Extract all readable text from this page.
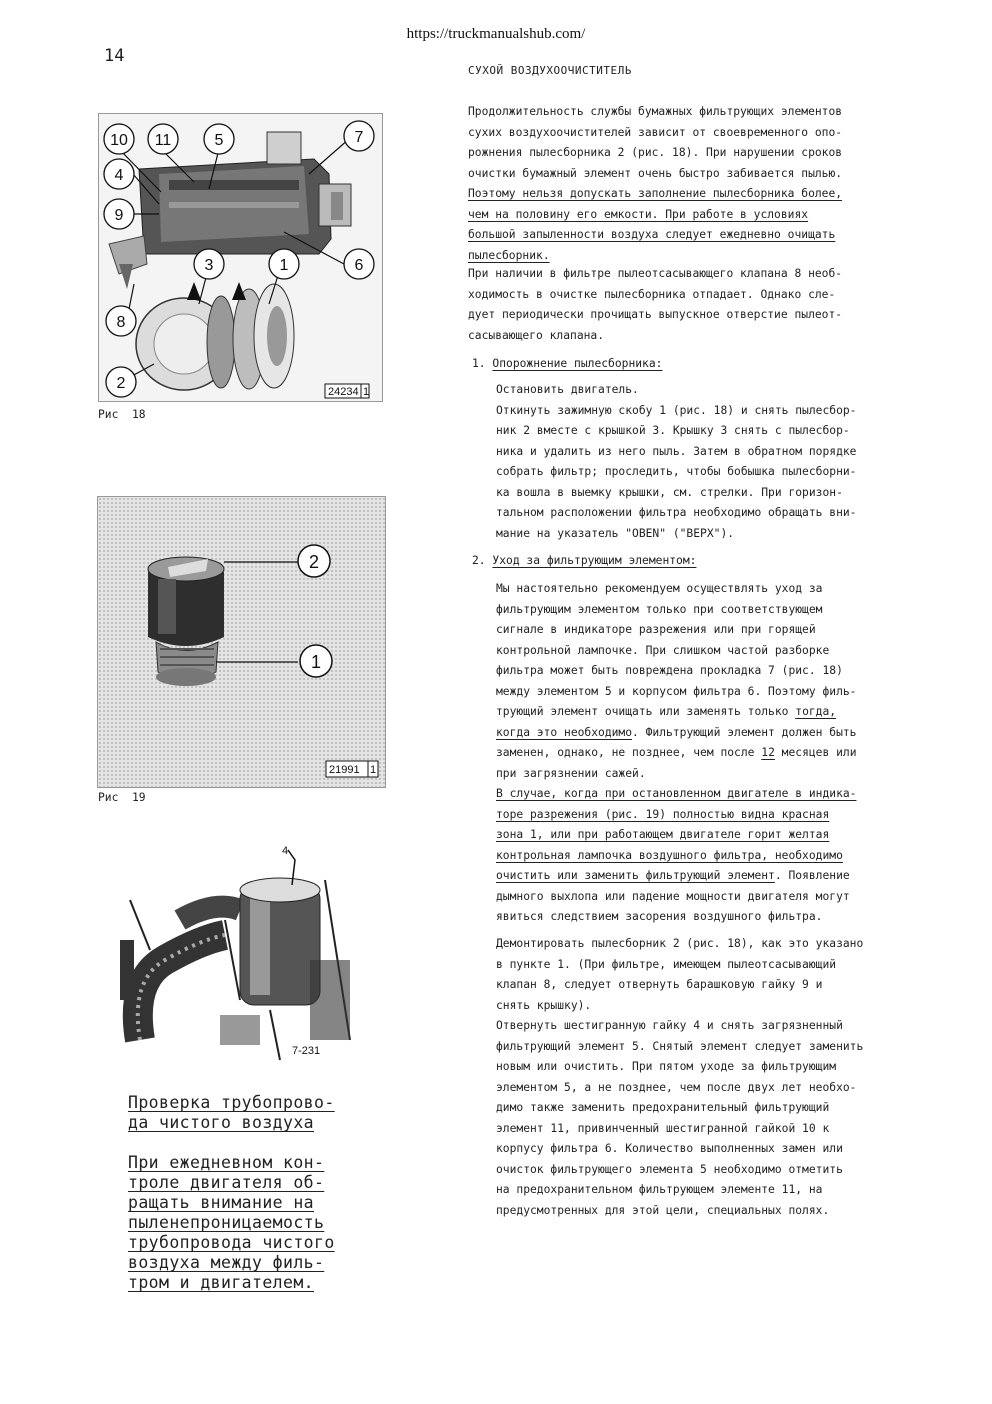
https://truckmanualshub.com/
14
СУХОЙ ВОЗДУХООЧИСТИТЕЛЬ
Продолжительность службы бумажных фильтрующих элементов
сухих воздухоочистителей зависит от своевременного опо-
рожнения пылесборника 2 (рис. 18). При нарушении сроков
очистки бумажный элемент очень быстро забивается пылью.
Поэтому нельзя допускать заполнение пылесборника более,
чем на половину его емкости. При работе в условиях
большой запыленности воздуха следует ежедневно очищать
пылесборник.
При наличии в фильтре пылеотсасывающего клапана 8 необ-
ходимость в очистке пылесборника отпадает. Однако сле-
дует периодически прочищать выпускное отверстие пылеот-
сасывающего клапана.
1. Опорожнение пылесборника:
Остановить двигатель.
Откинуть зажимную скобу 1 (рис. 18) и снять пылесбор-
ник 2 вместе с крышкой 3. Крышку 3 снять с пылесбор-
ника и удалить из него пыль. Затем в обратном порядке
собрать фильтр; проследить, чтобы бобышка пылесборни-
ка вошла в выемку крышки, см. стрелки. При горизон-
тальном расположении фильтра необходимо обращать вни-
мание на указатель "OBEN" ("ВЕРХ").
2. Уход за фильтрующим элементом:
Мы настоятельно рекомендуем осуществлять уход за
фильтрующим элементом только при соответствующем
сигнале в индикаторе разрежения или при горящей
контрольной лампочке. При слишком частой разборке
фильтра может быть повреждена прокладка 7 (рис. 18)
между элементом 5 и корпусом фильтра 6. Поэтому филь-
трующий элемент очищать или заменять только тогда,
когда это необходимо. Фильтрующий элемент должен быть
заменен, однако, не позднее, чем после 12 месяцев или
при загрязнении сажей.
В случае, когда при остановленном двигателе в индика-
торе разрежения (рис. 19) полностью видна красная
зона 1, или при работающем двигателе горит желтая
контрольная лампочка воздушного фильтра, необходимо
очистить или заменить фильтрующий элемент. Появление
дымного выхлопа или падение мощности двигателя могут
явиться следствием засорения воздушного фильтра.
Демонтировать пылесборник 2 (рис. 18), как это указано
в пункте 1. (При фильтре, имеющем пылеотсасывающий
клапан 8, следует отвернуть барашковую гайку 9 и
снять крышку).
Отвернуть шестигранную гайку 4 и снять загрязненный
фильтрующий элемент 5. Снятый элемент следует заменить
новым или очистить. При пятом уходе за фильтрующим
элементом 5, а не позднее, чем после двух лет необхо-
димо также заменить предохранительный фильтрующий
элемент 11, привинченный шестигранной гайкой 10 к
корпусу фильтра 6. Количество выполненных замен или
очисток фильтрующего элемента 5 необходимо отметить
на предохранительном фильтрующем элементе 11, на
предусмотренных для этой цели, специальных полях.
10 11	5	7
4
9
3	1	6
8
2	24234 1
Рис  18
2
1
21991 1
Рис  19
4
7-231
Проверка трубопрово-
да чистого воздуха
При ежедневном кон-
троле двигателя об-
ращать внимание на
пыленепроницаемость
трубопровода чистого
воздуха между филь-
тром и двигателем.
